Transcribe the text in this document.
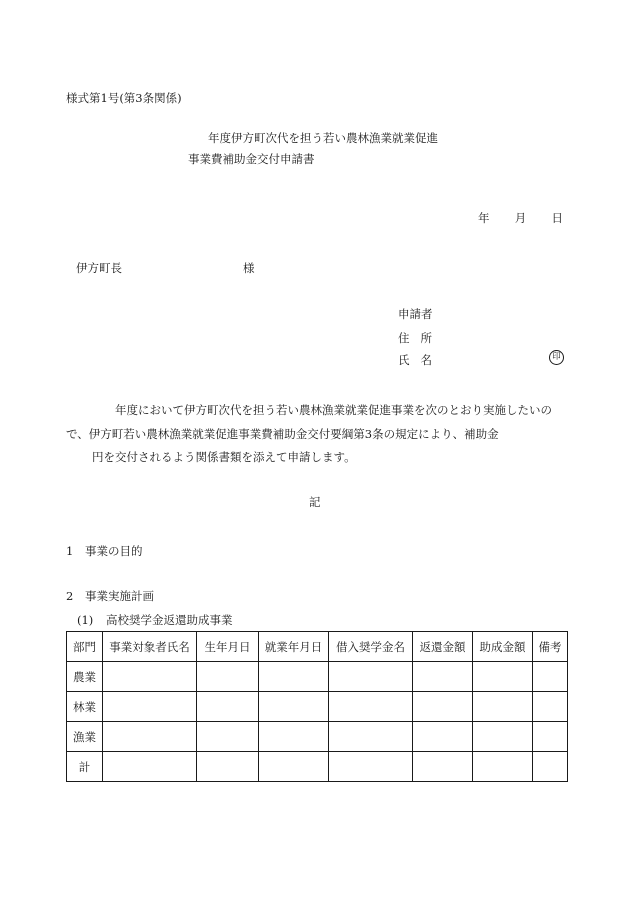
様式第1号(第3条関係)
年度伊方町次代を担う若い農林漁業就業促進
事業費補助金交付申請書
年 月 日
伊方町長	様
申請者
住 所
氏 名	印
年度において伊方町次代を担う若い農林漁業就業促進事業を次のとおり実施したいの
で、伊方町若い農林漁業就業促進事業費補助金交付要綱第3条の規定により、補助金
円を交付されるよう関係書類を添えて申請します。
記
1 事業の目的
2 事業実施計画
(1) 高校奨学金返還助成事業
部門	事業対象者氏名	生年月日	就業年月日	借入奨学金名	返還金額	助成金額	備考
農業							
林業							
漁業							
計							
